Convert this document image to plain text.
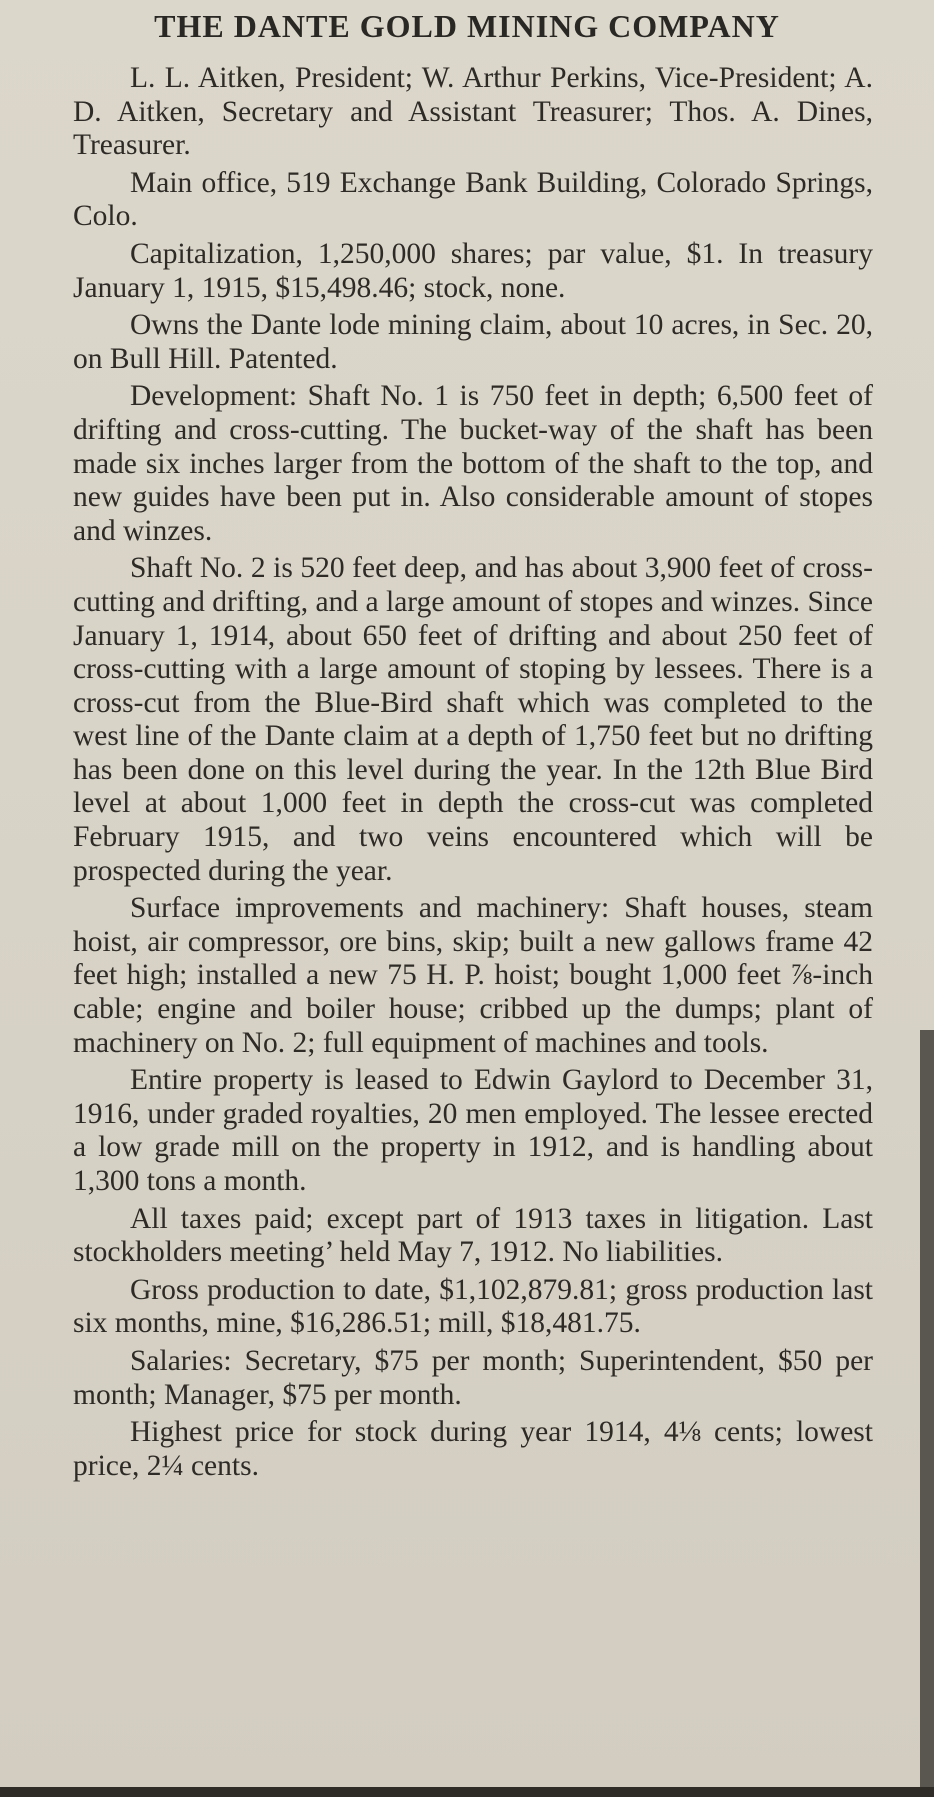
THE DANTE GOLD MINING COMPANY

L. L. Aitken, President; W. Arthur Perkins, Vice-President; A. D. Aitken, Secretary and Assistant Treasurer; Thos. A. Dines, Treasurer.

Main office, 519 Exchange Bank Building, Colorado Springs, Colo.

Capitalization, 1,250,000 shares; par value, $1. In treasury January 1, 1915, $15,498.46; stock, none.

Owns the Dante lode mining claim, about 10 acres, in Sec. 20, on Bull Hill. Patented.

Development: Shaft No. 1 is 750 feet in depth; 6,500 feet of drifting and cross-cutting. The bucket-way of the shaft has been made six inches larger from the bottom of the shaft to the top, and new guides have been put in. Also considerable amount of stopes and winzes.

Shaft No. 2 is 520 feet deep, and has about 3,900 feet of cross-cutting and drifting, and a large amount of stopes and winzes. Since January 1, 1914, about 650 feet of drifting and about 250 feet of cross-cutting with a large amount of stoping by lessees. There is a cross-cut from the Blue-Bird shaft which was completed to the west line of the Dante claim at a depth of 1,750 feet but no drifting has been done on this level during the year. In the 12th Blue Bird level at about 1,000 feet in depth the cross-cut was completed February 1915, and two veins encountered which will be prospected during the year.

Surface improvements and machinery: Shaft houses, steam hoist, air compressor, ore bins, skip; built a new gallows frame 42 feet high; installed a new 75 H. P. hoist; bought 1,000 feet ⅞-inch cable; engine and boiler house; cribbed up the dumps; plant of machinery on No. 2; full equipment of machines and tools.

Entire property is leased to Edwin Gaylord to December 31, 1916, under graded royalties, 20 men employed. The lessee erected a low grade mill on the property in 1912, and is handling about 1,300 tons a month.

All taxes paid; except part of 1913 taxes in litigation. Last stockholders meeting’ held May 7, 1912. No liabilities.

Gross production to date, $1,102,879.81; gross production last six months, mine, $16,286.51; mill, $18,481.75.

Salaries: Secretary, $75 per month; Superintendent, $50 per month; Manager, $75 per month.

Highest price for stock during year 1914, 4⅛ cents; lowest price, 2¼ cents.
